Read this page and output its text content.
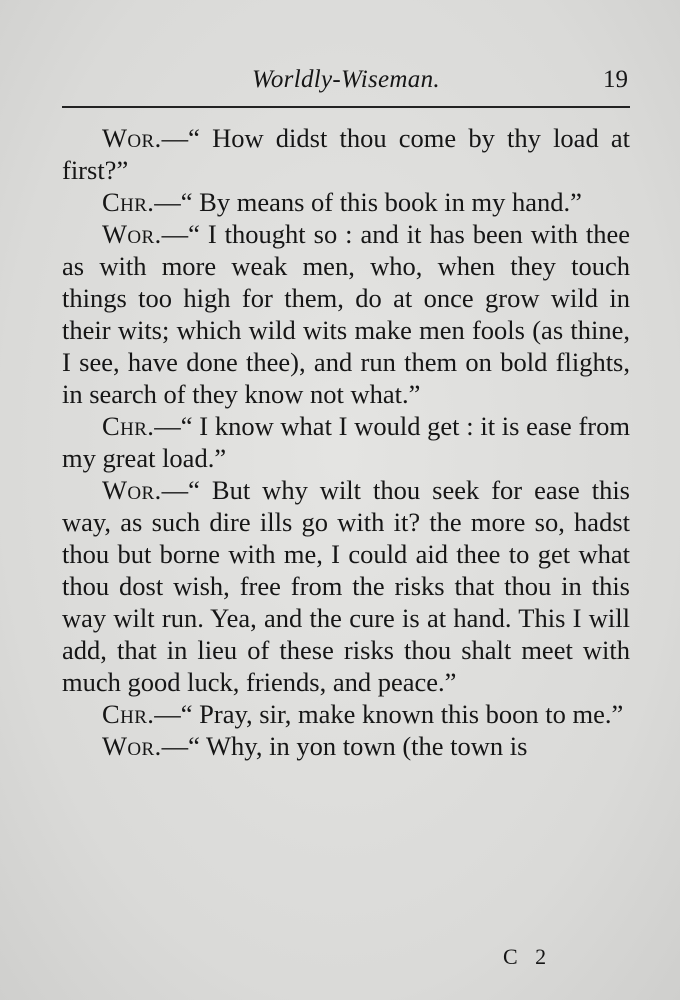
Worldly-Wiseman.	19

Wor.—“ How didst thou come by thy load at first?”

Chr.—“ By means of this book in my hand.”

Wor.—“ I thought so : and it has been with thee as with more weak men, who, when they touch things too high for them, do at once grow wild in their wits; which wild wits make men fools (as thine, I see, have done thee), and run them on bold flights, in search of they know not what.”

Chr.—“ I know what I would get : it is ease from my great load.”

Wor.—“ But why wilt thou seek for ease this way, as such dire ills go with it? the more so, hadst thou but borne with me, I could aid thee to get what thou dost wish, free from the risks that thou in this way wilt run. Yea, and the cure is at hand. This I will add, that in lieu of these risks thou shalt meet with much good luck, friends, and peace.”

Chr.—“ Pray, sir, make known this boon to me.”

Wor.—“ Why, in yon town (the town is

C 2
